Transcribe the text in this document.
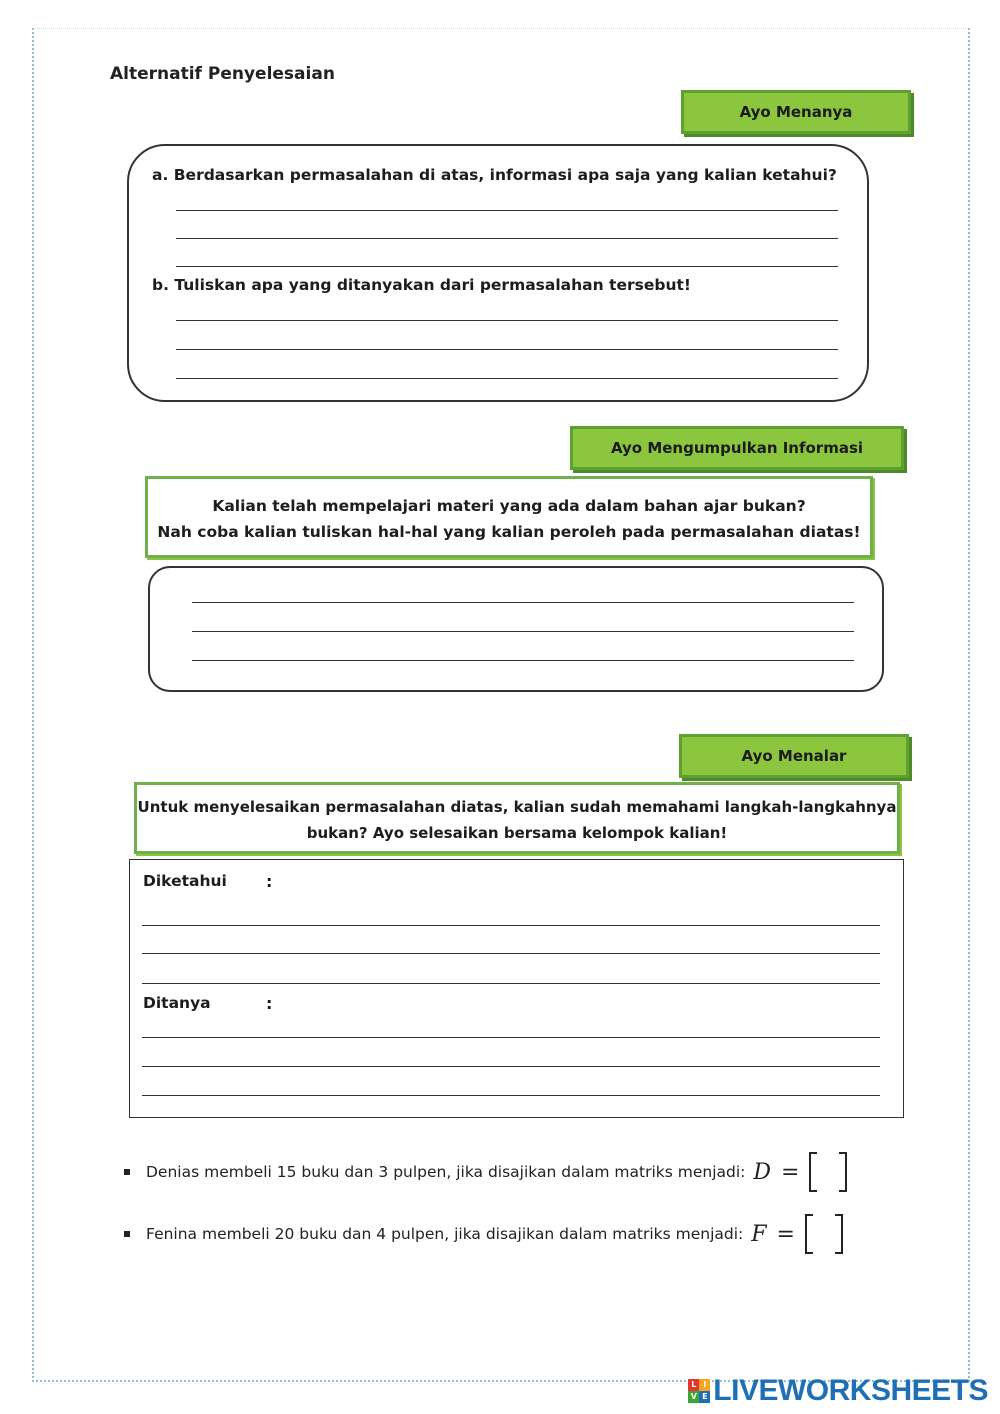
Alternatif Penyelesaian
Ayo Menanya
a. Berdasarkan permasalahan di atas, informasi apa saja yang kalian ketahui?
b. Tuliskan apa yang ditanyakan dari permasalahan tersebut!
Ayo Mengumpulkan Informasi
Kalian telah mempelajari materi yang ada dalam bahan ajar bukan?
Nah coba kalian tuliskan hal-hal yang kalian peroleh pada permasalahan diatas!
Ayo Menalar
Untuk menyelesaikan permasalahan diatas, kalian sudah memahami langkah-langkahnya
bukan? Ayo selesaikan bersama kelompok kalian!
Diketahui :
Ditanya	:
Denias membeli 15 buku dan 3 pulpen, jika disajikan dalam matriks menjadi: D =
Fenina membeli 20 buku dan 4 pulpen, jika disajikan dalam matriks menjadi: F =
L I
V E LIVEWORKSHEETS
